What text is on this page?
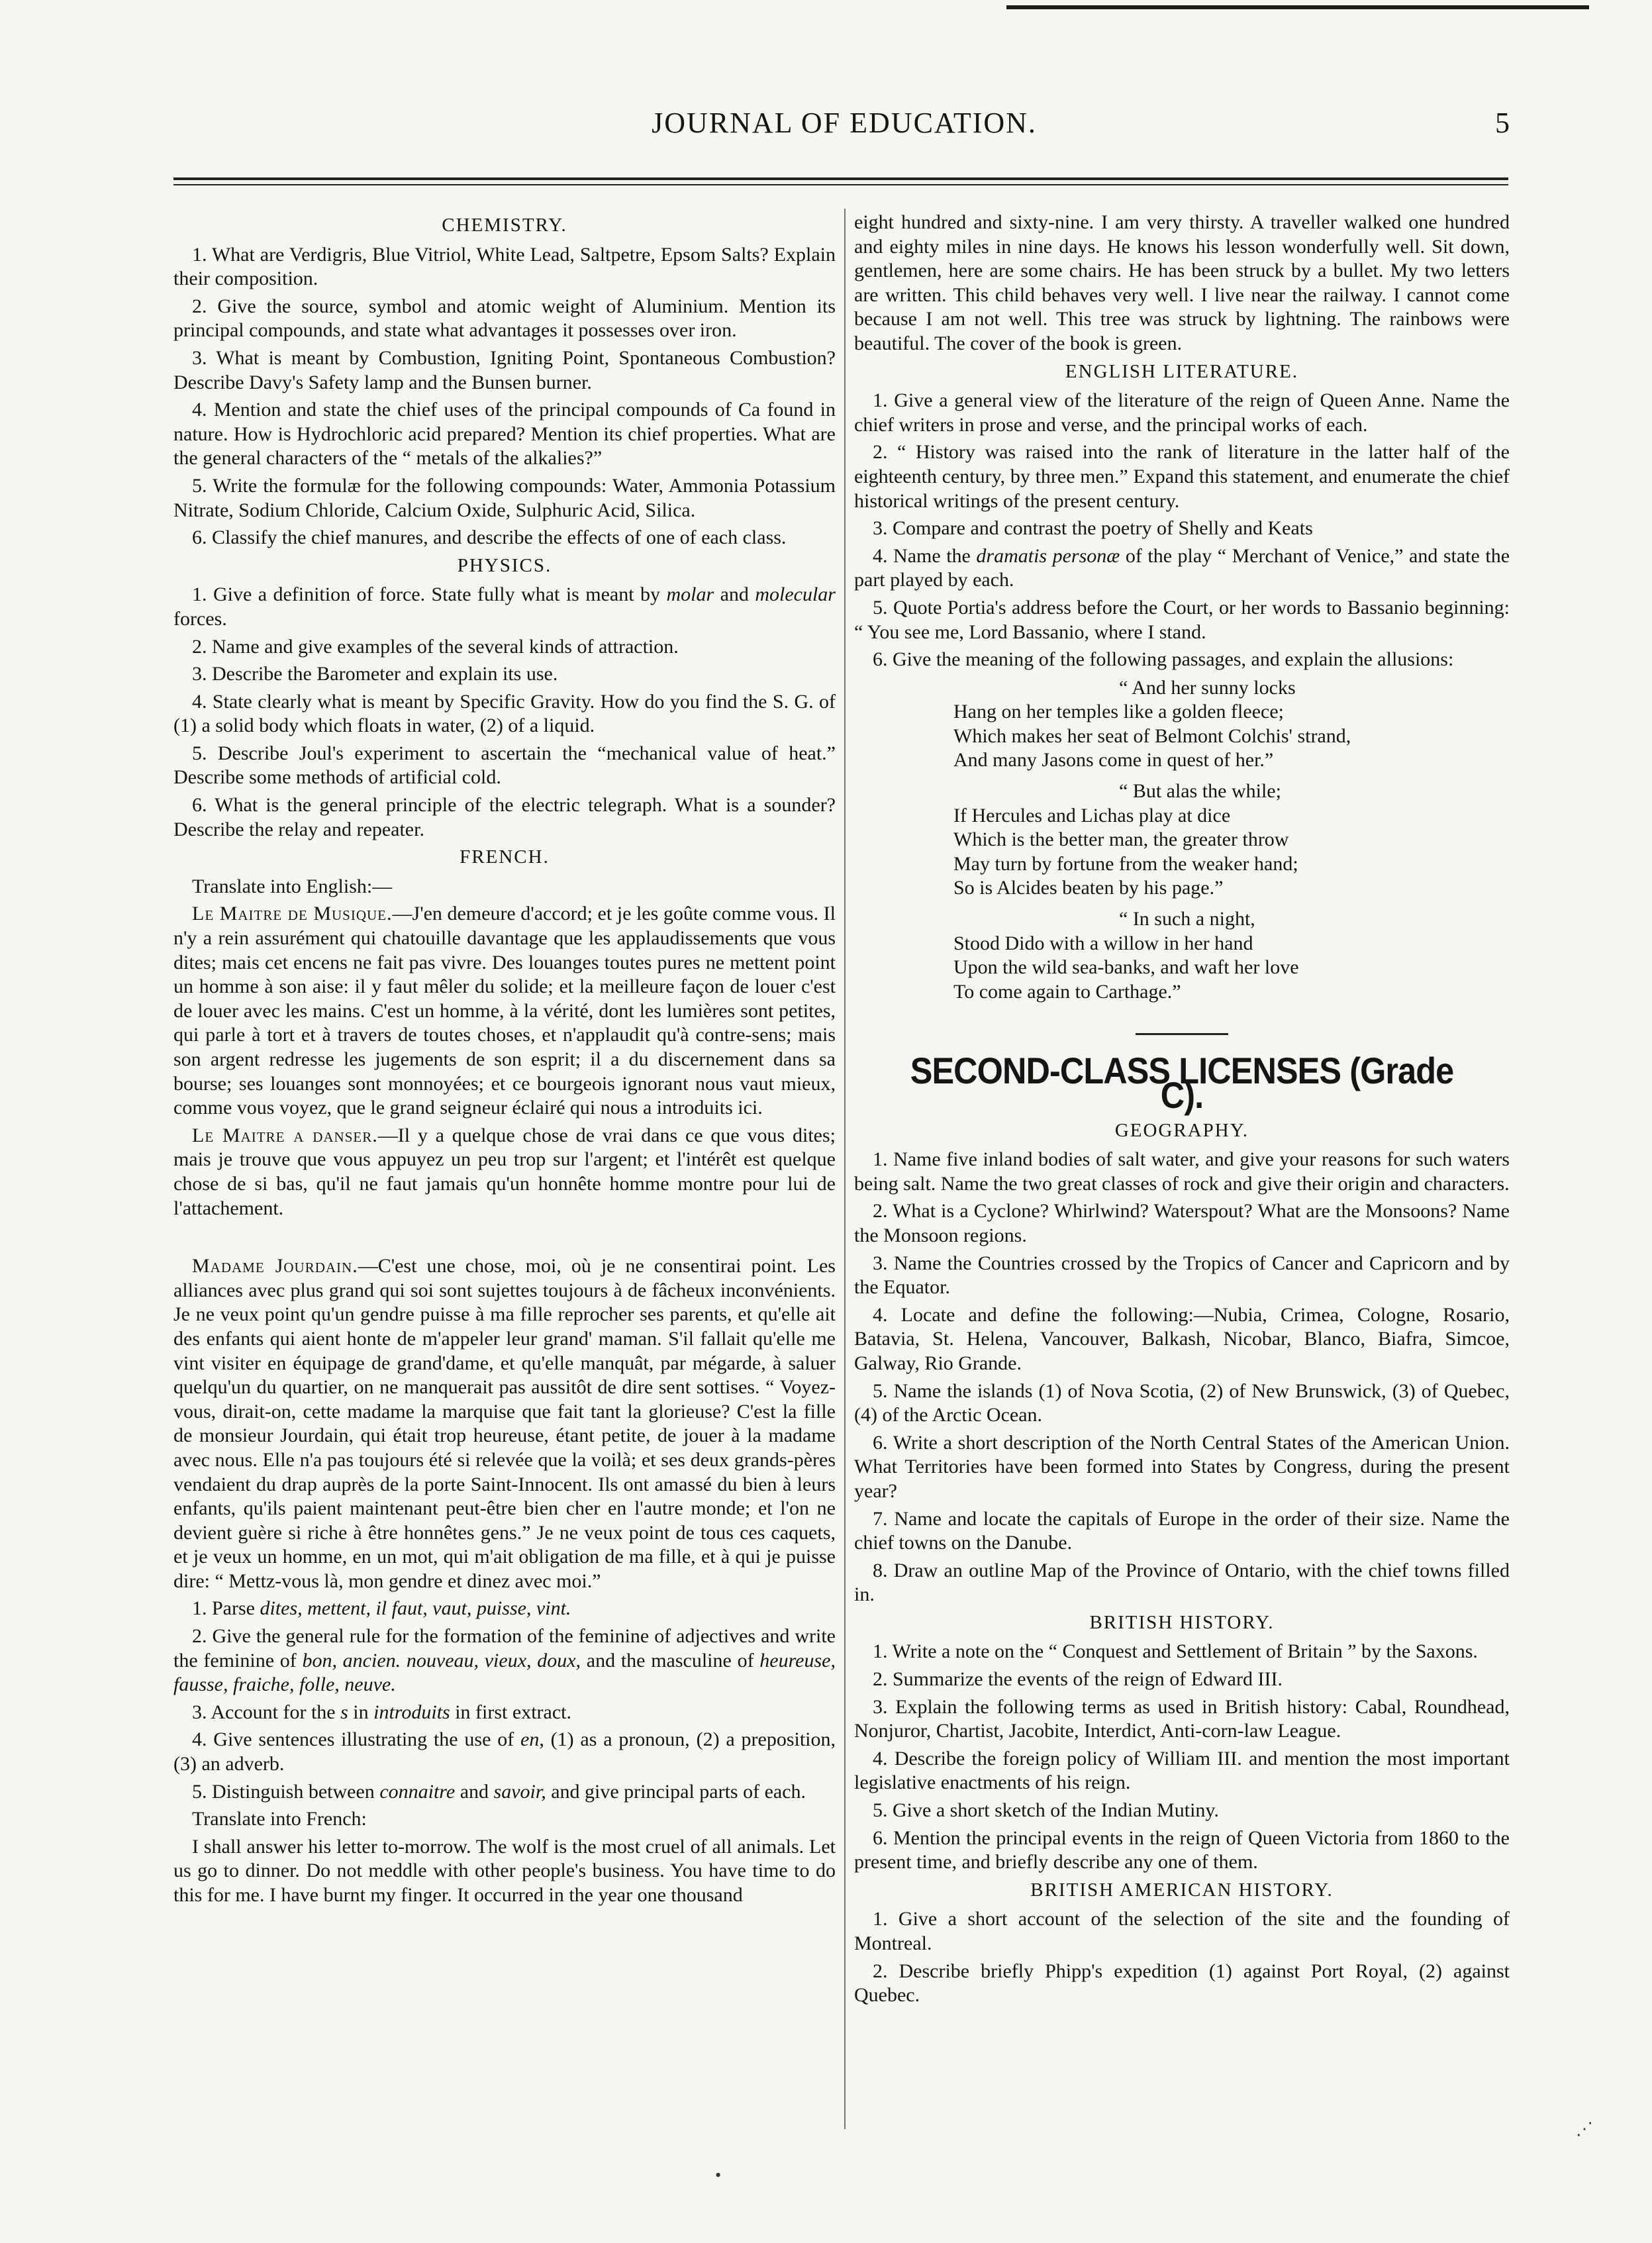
JOURNAL OF EDUCATION.	5
CHEMISTRY.

1. What are Verdigris, Blue Vitriol, White Lead, Saltpetre, Epsom Salts? Explain their composition.

2. Give the source, symbol and atomic weight of Aluminium. Mention its principal compounds, and state what advantages it possesses over iron.

3. What is meant by Combustion, Igniting Point, Spontaneous Combustion? Describe Davy's Safety lamp and the Bunsen burner.

4. Mention and state the chief uses of the principal compounds of Ca found in nature. How is Hydrochloric acid prepared? Mention its chief properties. What are the general characters of the “ metals of the alkalies?”

5. Write the formulæ for the following compounds: Water, Ammonia Potassium Nitrate, Sodium Chloride, Calcium Oxide, Sulphuric Acid, Silica.

6. Classify the chief manures, and describe the effects of one of each class.

PHYSICS.

1. Give a definition of force. State fully what is meant by molar and molecular forces.

2. Name and give examples of the several kinds of attraction.

3. Describe the Barometer and explain its use.

4. State clearly what is meant by Specific Gravity. How do you find the S. G. of (1) a solid body which floats in water, (2) of a liquid.

5. Describe Joul's experiment to ascertain the “mechanical value of heat.” Describe some methods of artificial cold.

6. What is the general principle of the electric telegraph. What is a sounder? Describe the relay and repeater.

FRENCH.

Translate into English:—

Le Maitre de Musique.—J'en demeure d'accord; et je les goûte comme vous. Il n'y a rein assurément qui chatouille davantage que les applaudissements que vous dites; mais cet encens ne fait pas vivre. Des louanges toutes pures ne mettent point un homme à son aise: il y faut mêler du solide; et la meilleure façon de louer c'est de louer avec les mains. C'est un homme, à la vérité, dont les lumières sont petites, qui parle à tort et à travers de toutes choses, et n'applaudit qu'à contre-sens; mais son argent redresse les jugements de son esprit; il a du discernement dans sa bourse; ses louanges sont monnoyées; et ce bourgeois ignorant nous vaut mieux, comme vous voyez, que le grand seigneur éclairé qui nous a introduits ici.

Le Maitre a danser.—Il y a quelque chose de vrai dans ce que vous dites; mais je trouve que vous appuyez un peu trop sur l'argent; et l'intérêt est quelque chose de si bas, qu'il ne faut jamais qu'un honnête homme montre pour lui de l'attachement.

Madame Jourdain.—C'est une chose, moi, où je ne consentirai point. Les alliances avec plus grand qui soi sont sujettes toujours à de fâcheux inconvénients. Je ne veux point qu'un gendre puisse à ma fille reprocher ses parents, et qu'elle ait des enfants qui aient honte de m'appeler leur grand' maman. S'il fallait qu'elle me vint visiter en équipage de grand'dame, et qu'elle manquât, par mégarde, à saluer quelqu'un du quartier, on ne manquerait pas aussitôt de dire sent sottises. “ Voyez-vous, dirait-on, cette madame la marquise que fait tant la glorieuse? C'est la fille de monsieur Jourdain, qui était trop heureuse, étant petite, de jouer à la madame avec nous. Elle n'a pas toujours été si relevée que la voilà; et ses deux grands-pères vendaient du drap auprès de la porte Saint-Innocent. Ils ont amassé du bien à leurs enfants, qu'ils paient maintenant peut-être bien cher en l'autre monde; et l'on ne devient guère si riche à être honnêtes gens.” Je ne veux point de tous ces caquets, et je veux un homme, en un mot, qui m'ait obligation de ma fille, et à qui je puisse dire: “ Mettz-vous là, mon gendre et dinez avec moi.”

1. Parse dites, mettent, il faut, vaut, puisse, vint.

2. Give the general rule for the formation of the feminine of adjectives and write the feminine of bon, ancien. nouveau, vieux, doux, and the masculine of heureuse, fausse, fraiche, folle, neuve.

3. Account for the s in introduits in first extract.

4. Give sentences illustrating the use of en, (1) as a pronoun, (2) a preposition, (3) an adverb.

5. Distinguish between connaitre and savoir, and give principal parts of each.

Translate into French:

I shall answer his letter to-morrow. The wolf is the most cruel of all animals. Let us go to dinner. Do not meddle with other people's business. You have time to do this for me. I have burnt my finger. It occurred in the year one thousand

eight hundred and sixty-nine. I am very thirsty. A traveller walked one hundred and eighty miles in nine days. He knows his lesson wonderfully well. Sit down, gentlemen, here are some chairs. He has been struck by a bullet. My two letters are written. This child behaves very well. I live near the railway. I cannot come because I am not well. This tree was struck by lightning. The rainbows were beautiful. The cover of the book is green.

ENGLISH LITERATURE.

1. Give a general view of the literature of the reign of Queen Anne. Name the chief writers in prose and verse, and the principal works of each.

2. “ History was raised into the rank of literature in the latter half of the eighteenth century, by three men.” Expand this statement, and enumerate the chief historical writings of the present century.

3. Compare and contrast the poetry of Shelly and Keats

4. Name the dramatis personæ of the play “ Merchant of Venice,” and state the part played by each.

5. Quote Portia's address before the Court, or her words to Bassanio beginning: “ You see me, Lord Bassanio, where I stand.

6. Give the meaning of the following passages, and explain the allusions:

“ And her sunny locks
Hang on her temples like a golden fleece;
Which makes her seat of Belmont Colchis' strand,
And many Jasons come in quest of her.”
“ But alas the while;
If Hercules and Lichas play at dice
Which is the better man, the greater throw
May turn by fortune from the weaker hand;
So is Alcides beaten by his page.”
“ In such a night,
Stood Dido with a willow in her hand
Upon the wild sea-banks, and waft her love
To come again to Carthage.”
SECOND-CLASS LICENSES (Grade C).
GEOGRAPHY.

1. Name five inland bodies of salt water, and give your reasons for such waters being salt. Name the two great classes of rock and give their origin and characters.

2. What is a Cyclone? Whirlwind? Waterspout? What are the Monsoons? Name the Monsoon regions.

3. Name the Countries crossed by the Tropics of Cancer and Capricorn and by the Equator.

4. Locate and define the following:—Nubia, Crimea, Cologne, Rosario, Batavia, St. Helena, Vancouver, Balkash, Nicobar, Blanco, Biafra, Simcoe, Galway, Rio Grande.

5. Name the islands (1) of Nova Scotia, (2) of New Brunswick, (3) of Quebec, (4) of the Arctic Ocean.

6. Write a short description of the North Central States of the American Union. What Territories have been formed into States by Congress, during the present year?

7. Name and locate the capitals of Europe in the order of their size. Name the chief towns on the Danube.

8. Draw an outline Map of the Province of Ontario, with the chief towns filled in.

BRITISH HISTORY.

1. Write a note on the “ Conquest and Settlement of Britain ” by the Saxons.

2. Summarize the events of the reign of Edward III.

3. Explain the following terms as used in British history: Cabal, Roundhead, Nonjuror, Chartist, Jacobite, Interdict, Anti-corn-law League.

4. Describe the foreign policy of William III. and mention the most important legislative enactments of his reign.

5. Give a short sketch of the Indian Mutiny.

6. Mention the principal events in the reign of Queen Victoria from 1860 to the present time, and briefly describe any one of them.

BRITISH AMERICAN HISTORY.

1. Give a short account of the selection of the site and the founding of Montreal.

2. Describe briefly Phipp's expedition (1) against Port Royal, (2) against Quebec.

•
⋰
